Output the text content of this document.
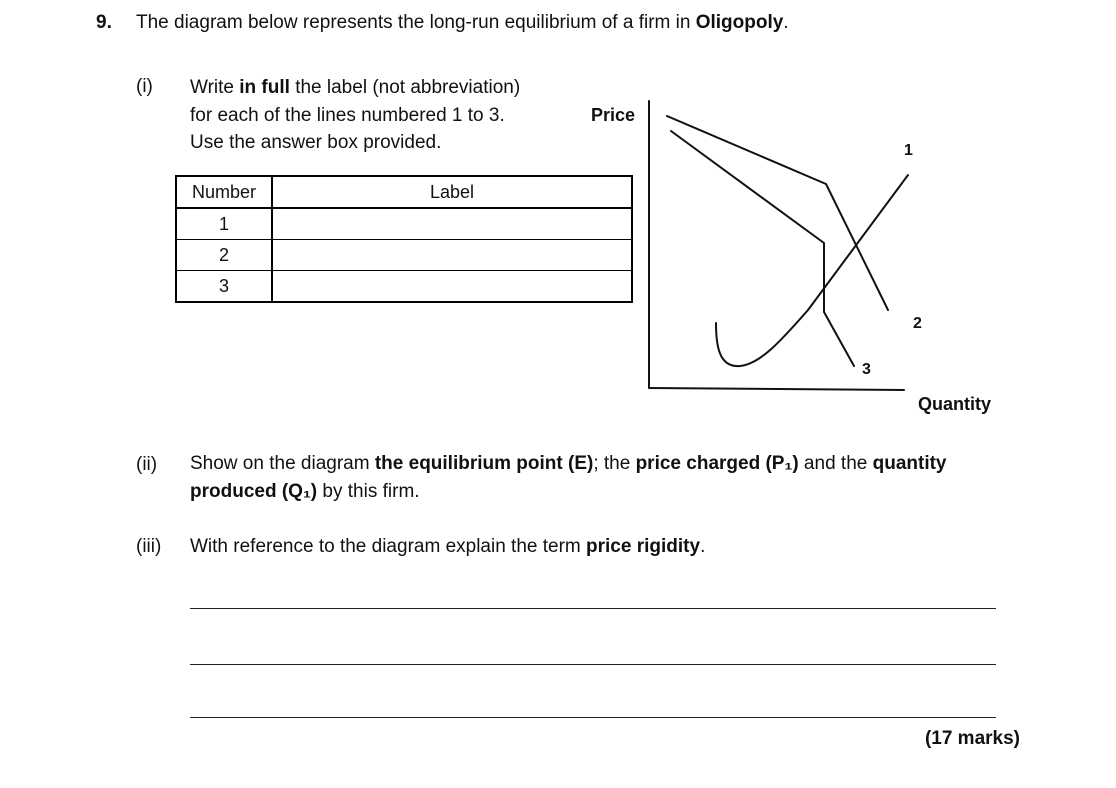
9. The diagram below represents the long-run equilibrium of a firm in Oligopoly.
(i) Write in full the label (not abbreviation)
for each of the lines numbered 1 to 3.
Use the answer box provided.
Number	Label
1	
2	
3	
Price
Quantity
1
2
3
(ii) Show on the diagram the equilibrium point (E); the price charged (P₁) and the quantity
produced (Q₁) by this firm.
(iii) With reference to the diagram explain the term price rigidity.
(17 marks)
